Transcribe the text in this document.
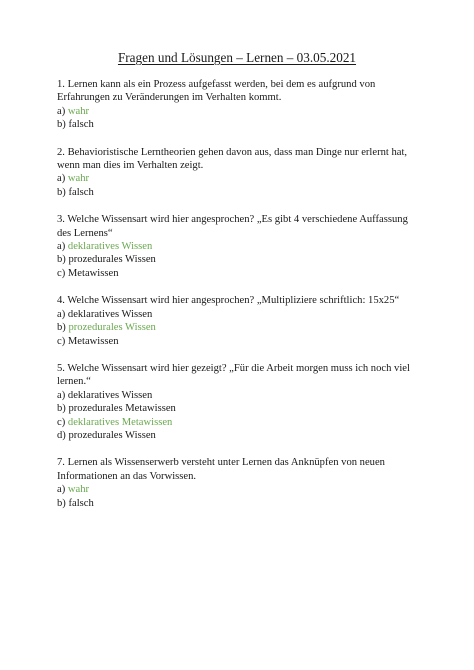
Fragen und Lösungen – Lernen – 03.05.2021

1. Lernen kann als ein Prozess aufgefasst werden, bei dem es aufgrund von Erfahrungen zu Veränderungen im Verhalten kommt.

a) wahr

b) falsch

2. Behavioristische Lerntheorien gehen davon aus, dass man Dinge nur erlernt hat, wenn man dies im Verhalten zeigt.

a) wahr

b) falsch

3. Welche Wissensart wird hier angesprochen? „Es gibt 4 verschiedene Auffassung des Lernens“

a) deklaratives Wissen

b) prozedurales Wissen

c) Metawissen

4. Welche Wissensart wird hier angesprochen? „Multipliziere schriftlich: 15x25“

a) deklaratives Wissen

b) prozedurales Wissen

c) Metawissen

5. Welche Wissensart wird hier gezeigt? „Für die Arbeit morgen muss ich noch viel lernen.“

a) deklaratives Wissen

b) prozedurales Metawissen

c) deklaratives Metawissen

d) prozedurales Wissen

7. Lernen als Wissenserwerb versteht unter Lernen das Anknüpfen von neuen Informationen an das Vorwissen.

a) wahr

b) falsch
